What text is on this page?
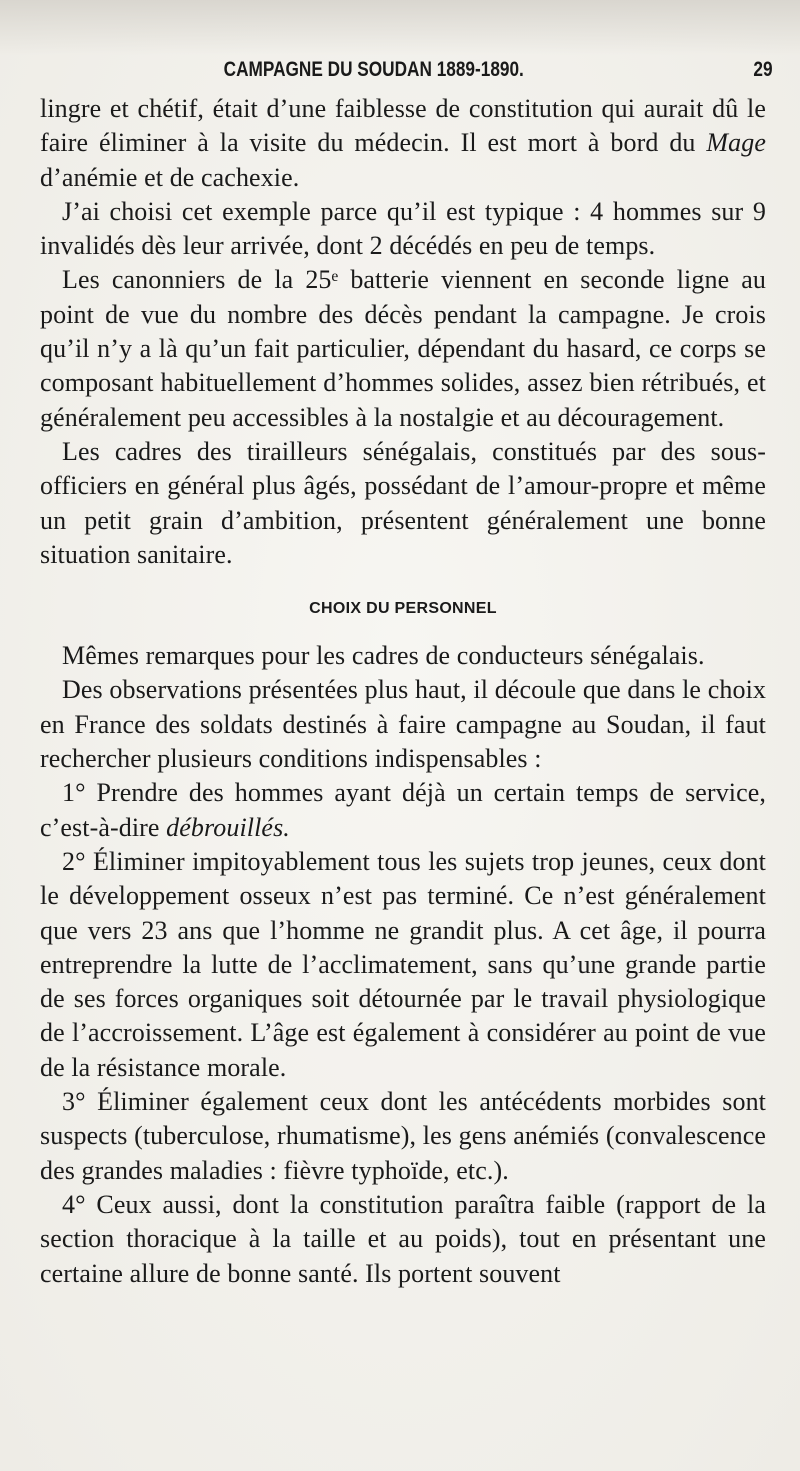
CAMPAGNE DU SOUDAN 1889-1890.	29

lingre et chétif, était d’une faiblesse de constitution qui aurait dû le faire éliminer à la visite du médecin. Il est mort à bord du Mage d’anémie et de cachexie.

J’ai choisi cet exemple parce qu’il est typique : 4 hommes sur 9 invalidés dès leur arrivée, dont 2 décédés en peu de temps.

Les canonniers de la 25ᵉ batterie viennent en seconde ligne au point de vue du nombre des décès pendant la campagne. Je crois qu’il n’y a là qu’un fait particulier, dépendant du hasard, ce corps se composant habituellement d’hommes solides, assez bien rétribués, et généralement peu accessibles à la nostalgie et au découragement.

Les cadres des tirailleurs sénégalais, constitués par des sous-officiers en général plus âgés, possédant de l’amour-propre et même un petit grain d’ambition, présentent généralement une bonne situation sanitaire.

CHOIX DU PERSONNEL

Mêmes remarques pour les cadres de conducteurs sénégalais.

Des observations présentées plus haut, il découle que dans le choix en France des soldats destinés à faire campagne au Soudan, il faut rechercher plusieurs conditions indispensables :

1° Prendre des hommes ayant déjà un certain temps de service, c’est-à-dire débrouillés.

2° Éliminer impitoyablement tous les sujets trop jeunes, ceux dont le développement osseux n’est pas terminé. Ce n’est généralement que vers 23 ans que l’homme ne grandit plus. A cet âge, il pourra entreprendre la lutte de l’acclimatement, sans qu’une grande partie de ses forces organiques soit détournée par le travail physiologique de l’accroissement. L’âge est également à considérer au point de vue de la résistance morale.

3° Éliminer également ceux dont les antécédents morbides sont suspects (tuberculose, rhumatisme), les gens anémiés (convalescence des grandes maladies : fièvre typhoïde, etc.).

4° Ceux aussi, dont la constitution paraîtra faible (rapport de la section thoracique à la taille et au poids), tout en présentant une certaine allure de bonne santé. Ils portent souvent
